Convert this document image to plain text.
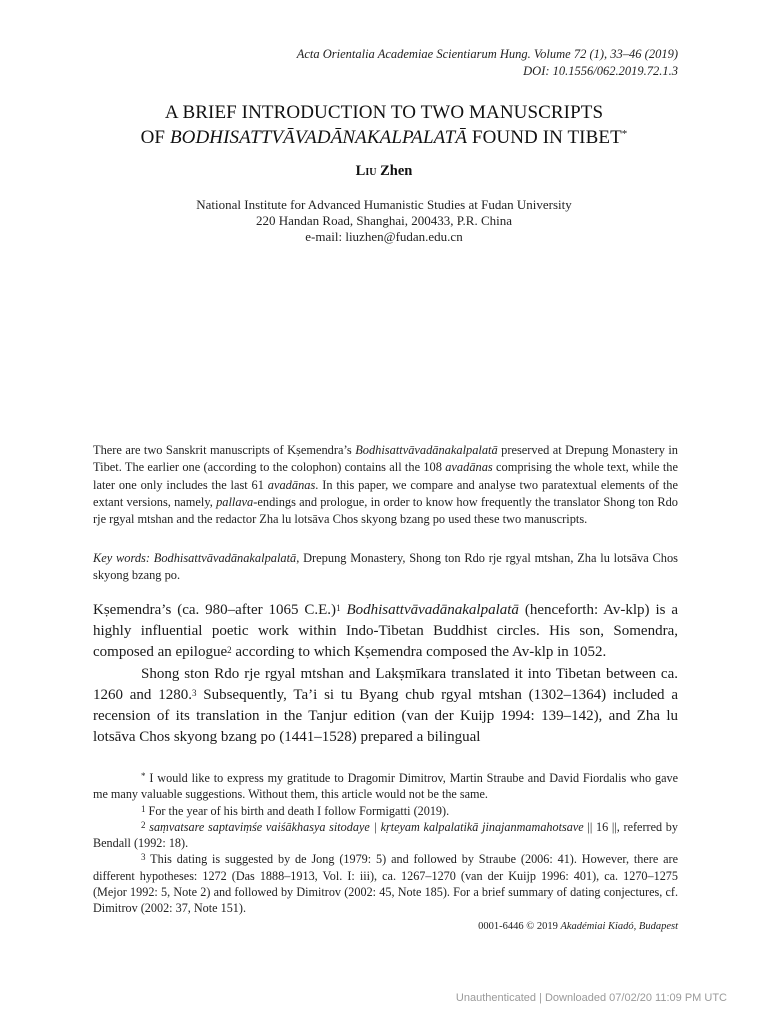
Acta Orientalia Academiae Scientiarum Hung. Volume 72 (1), 33–46 (2019)
DOI: 10.1556/062.2019.72.1.3
A BRIEF INTRODUCTION TO TWO MANUSCRIPTS
OF BODHISATTVĀVADĀNAKALPALATĀ FOUND IN TIBET*
Liu Zhen
National Institute for Advanced Humanistic Studies at Fudan University
220 Handan Road, Shanghai, 200433, P.R. China
e-mail: liuzhen@fudan.edu.cn
There are two Sanskrit manuscripts of Kṣemendra’s Bodhisattvāvadānakalpalatā preserved at Drepung Monastery in Tibet. The earlier one (according to the colophon) contains all the 108 avadānas comprising the whole text, while the later one only includes the last 61 avadānas. In this paper, we compare and analyse two paratextual elements of the extant versions, namely, pallava-endings and prologue, in order to know how frequently the translator Shong ton Rdo rje rgyal mtshan and the redactor Zha lu lotsāva Chos skyong bzang po used these two manuscripts.
Key words: Bodhisattvāvadānakalpalatā, Drepung Monastery, Shong ton Rdo rje rgyal mtshan, Zha lu lotsāva Chos skyong bzang po.

Kṣemendra’s (ca. 980–after 1065 C.E.)$^1$ Bodhisattvāvadānakalpalatā (henceforth: Av-klp) is a highly influential poetic work within Indo-Tibetan Buddhist circles. His son, Somendra, composed an epilogue$^2$ according to which Kṣemendra composed the Av-klp in 1052.

Shong ston Rdo rje rgyal mtshan and Lakṣmīkara translated it into Tibetan between ca. 1260 and 1280.$^3$ Subsequently, Ta’i si tu Byang chub rgyal mtshan (1302–1364) included a recension of its translation in the Tanjur edition (van der Kuijp 1994: 139–142), and Zha lu lotsāva Chos skyong bzang po (1441–1528) prepared a bilingual

* I would like to express my gratitude to Dragomir Dimitrov, Martin Straube and David Fiordalis who gave me many valuable suggestions. Without them, this article would not be the same.

$^1$ For the year of his birth and death I follow Formigatti (2019).

$^2$ saṃvatsare saptaviṃśe vaiśākhasya sitodaye | kṛteyam kalpalatikā jinajanmamahotsave || 16 ||, referred by Bendall (1992: 18).

$^3$ This dating is suggested by de Jong (1979: 5) and followed by Straube (2006: 41). However, there are different hypotheses: 1272 (Das 1888–1913, Vol. I: iii), ca. 1267–1270 (van der Kuijp 1996: 401), ca. 1270–1275 (Mejor 1992: 5, Note 2) and followed by Dimitrov (2002: 45, Note 185). For a brief summary of dating conjectures, cf. Dimitrov (2002: 37, Note 151).

0001-6446 © 2019 Akadémiai Kiadó, Budapest
Unauthenticated | Downloaded 07/02/20 11:09 PM UTC
